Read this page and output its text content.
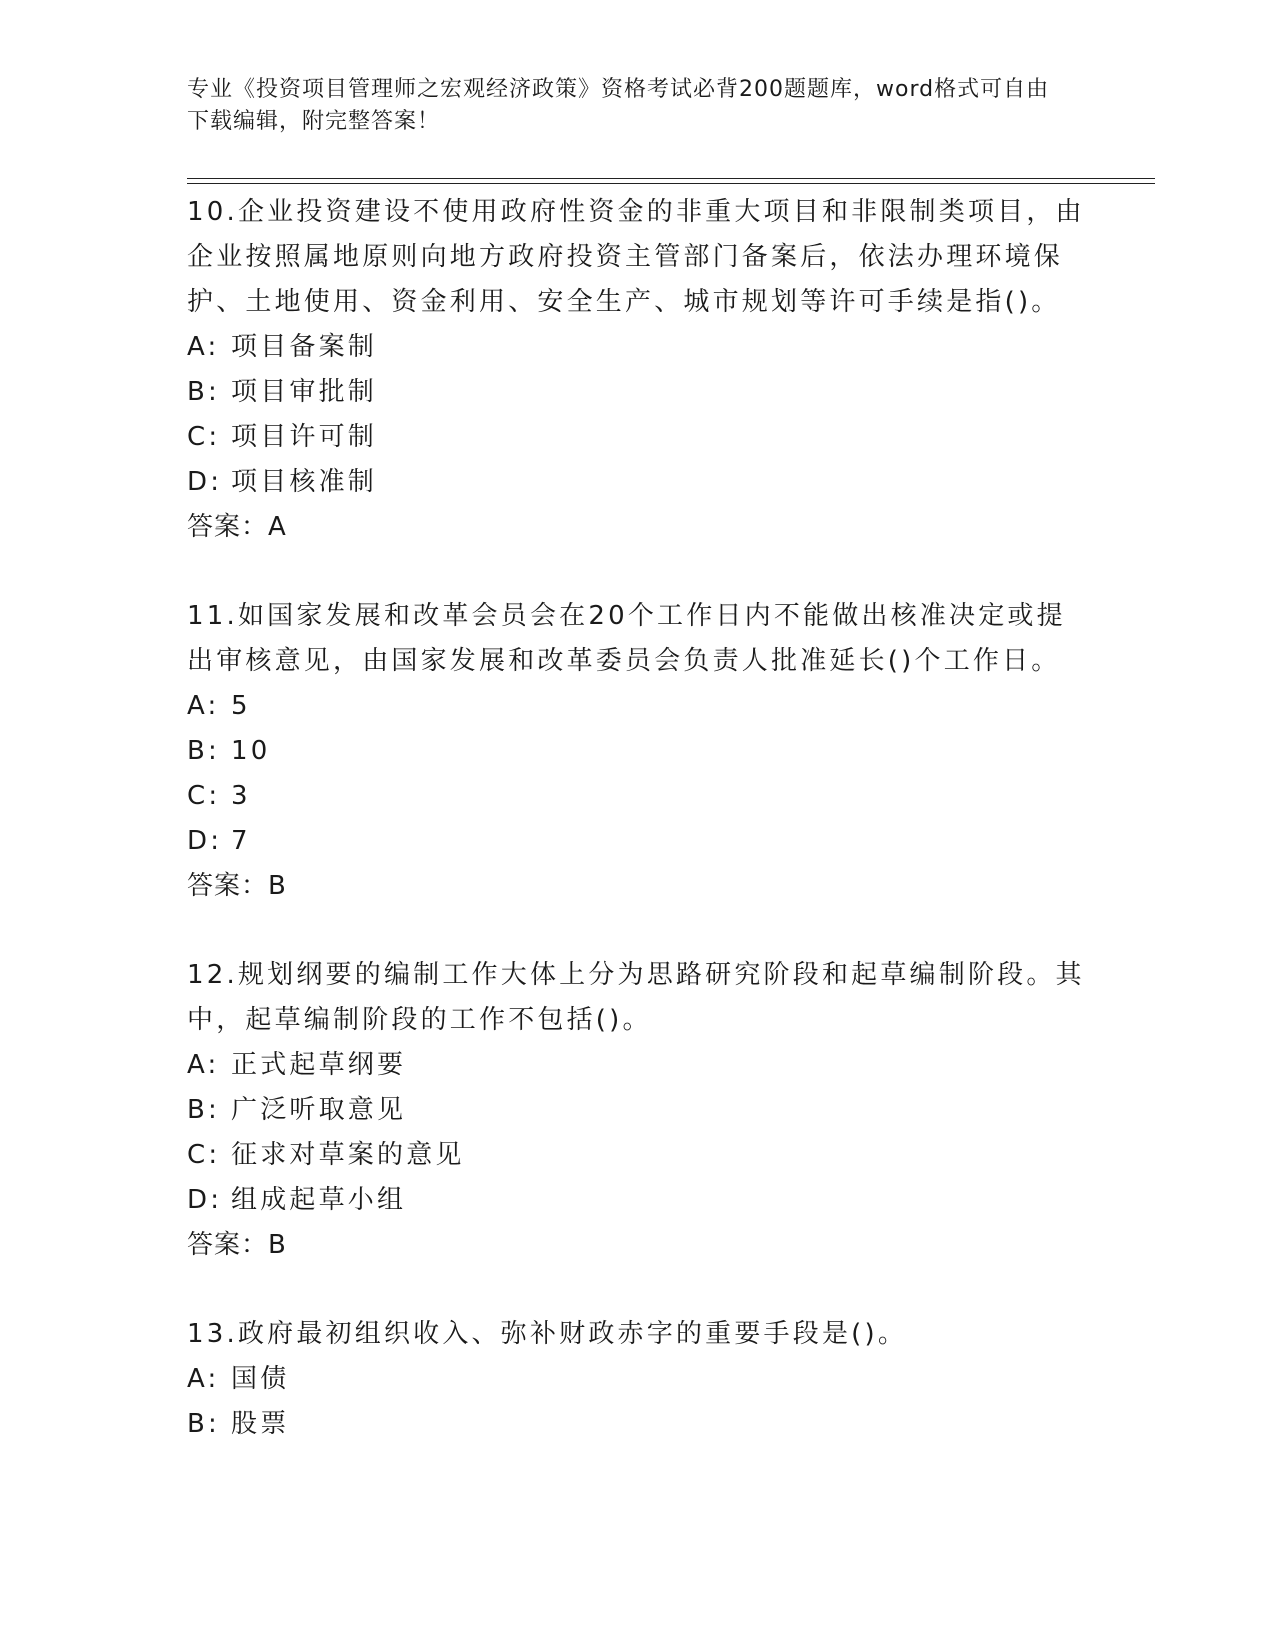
专业《投资项目管理师之宏观经济政策》资格考试必背200题题库，word格式可自由下载编辑，附完整答案！

10.企业投资建设不使用政府性资金的非重大项目和非限制类项目，由企业按照属地原则向地方政府投资主管部门备案后，依法办理环境保护、土地使用、资金利用、安全生产、城市规划等许可手续是指()。

A: 项目备案制
B: 项目审批制
C: 项目许可制
D: 项目核准制
答案：A

11.如国家发展和改革会员会在20个工作日内不能做出核准决定或提出审核意见，由国家发展和改革委员会负责人批准延长()个工作日。

A: 5
B: 10
C: 3
D: 7
答案：B

12.规划纲要的编制工作大体上分为思路研究阶段和起草编制阶段。其中，起草编制阶段的工作不包括()。

A: 正式起草纲要
B: 广泛听取意见
C: 征求对草案的意见
D: 组成起草小组
答案：B

13.政府最初组织收入、弥补财政赤字的重要手段是()。

A: 国债
B: 股票
